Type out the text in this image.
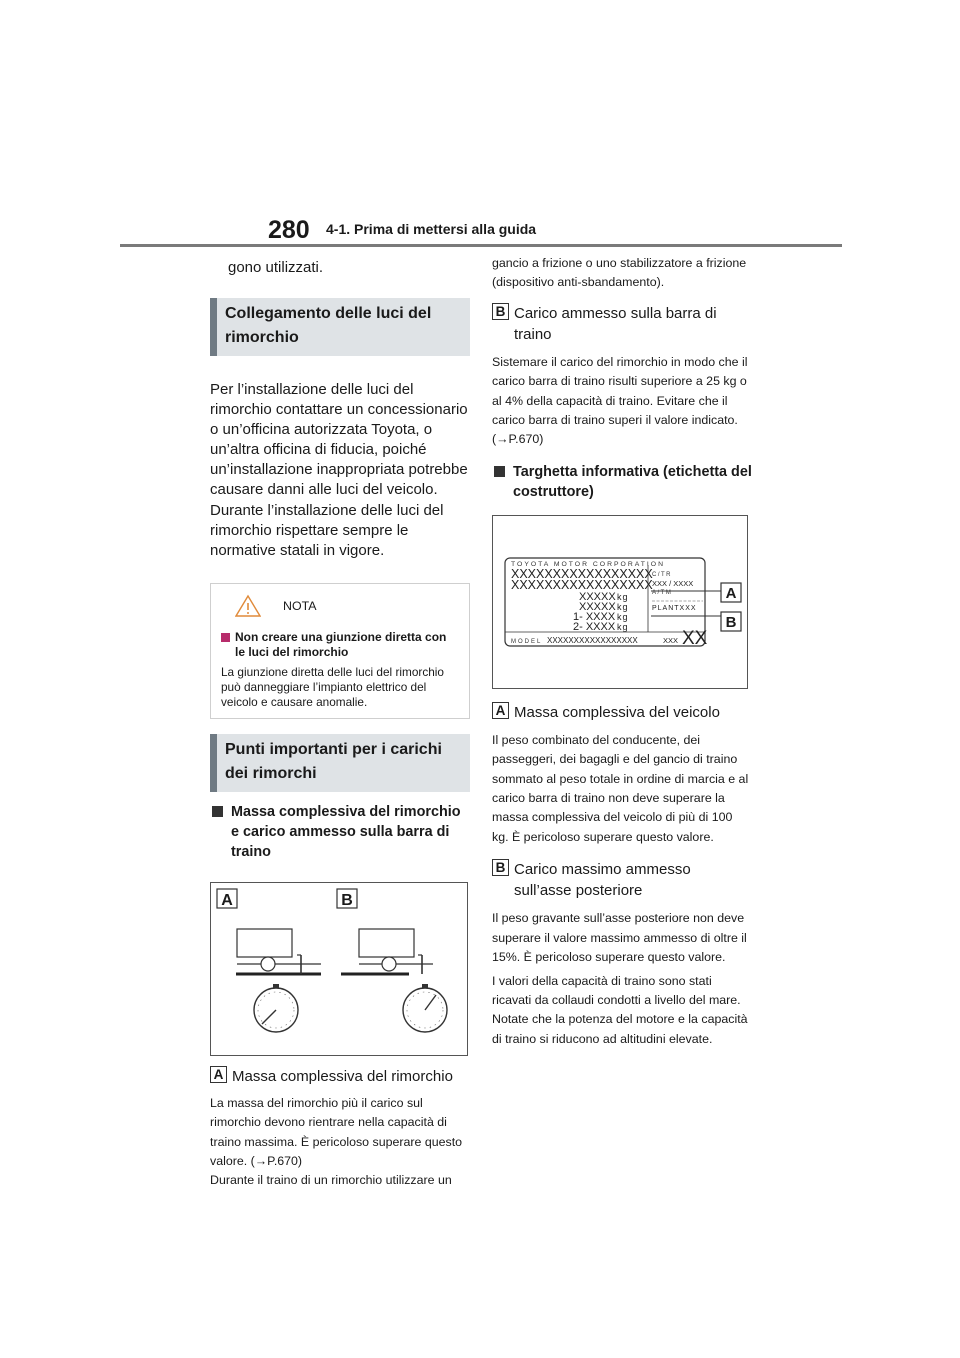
280 4-1. Prima di mettersi alla guida

gono utilizzati.

Collegamento delle luci del rimorchio

Per l’installazione delle luci del rimorchio contattare un concessionario o un’officina autorizzata Toyota, o un’altra officina di fiducia, poiché un’installazione inappropriata potrebbe causare danni alle luci del veicolo. Durante l’installazione delle luci del rimorchio rispettare sempre le normative statali in vigore.

NOTA
Non creare una giunzione diretta con le luci del rimorchio

La giunzione diretta delle luci del rimorchio può danneggiare l’impianto elettrico del veicolo e causare anomalie.

Punti importanti per i carichi dei rimorchi
Massa complessiva del rimorchio e carico ammesso sulla barra di traino
A	B
A Massa complessiva del rimorchio

La massa del rimorchio più il carico sul rimorchio devono rientrare nella capacità di traino massima. È pericoloso superare questo valore. (→P.670)

Durante il traino di un rimorchio utilizzare un

gancio a frizione o uno stabilizzatore a frizione (dispositivo anti-sbandamento).

B Carico ammesso sulla barra di traino

Sistemare il carico del rimorchio in modo che il carico barra di traino risulti superiore a 25 kg o al 4% della capacità di traino. Evitare che il carico barra di traino superi il valore indicato. (→P.670)

Targhetta informativa (etichetta del costruttore)
TOYOTA MOTOR CORPORATION
XXXXXXXXXXXXXXXXX
XXXXXXXXXXXXXXXXX
XXXXX
XXXXX
1- XXXX
2- XXXX
kg
kg
kg
kg
C/TR
XXX / XXXX
A/TM
PLANTXXX
MODEL XXXXXXXXXXXXXXXXX	XXX XX
A
B
A Massa complessiva del veicolo

Il peso combinato del conducente, dei passeggeri, dei bagagli e del gancio di traino sommato al peso totale in ordine di marcia e al carico barra di traino non deve superare la massa complessiva del veicolo di più di 100 kg. È pericoloso superare questo valore.

B Carico massimo ammesso sull’asse posteriore

Il peso gravante sull’asse posteriore non deve superare il valore massimo ammesso di oltre il 15%. È pericoloso superare questo valore.

I valori della capacità di traino sono stati ricavati da collaudi condotti a livello del mare. Notate che la potenza del motore e la capacità di traino si riducono ad altitudini elevate.
